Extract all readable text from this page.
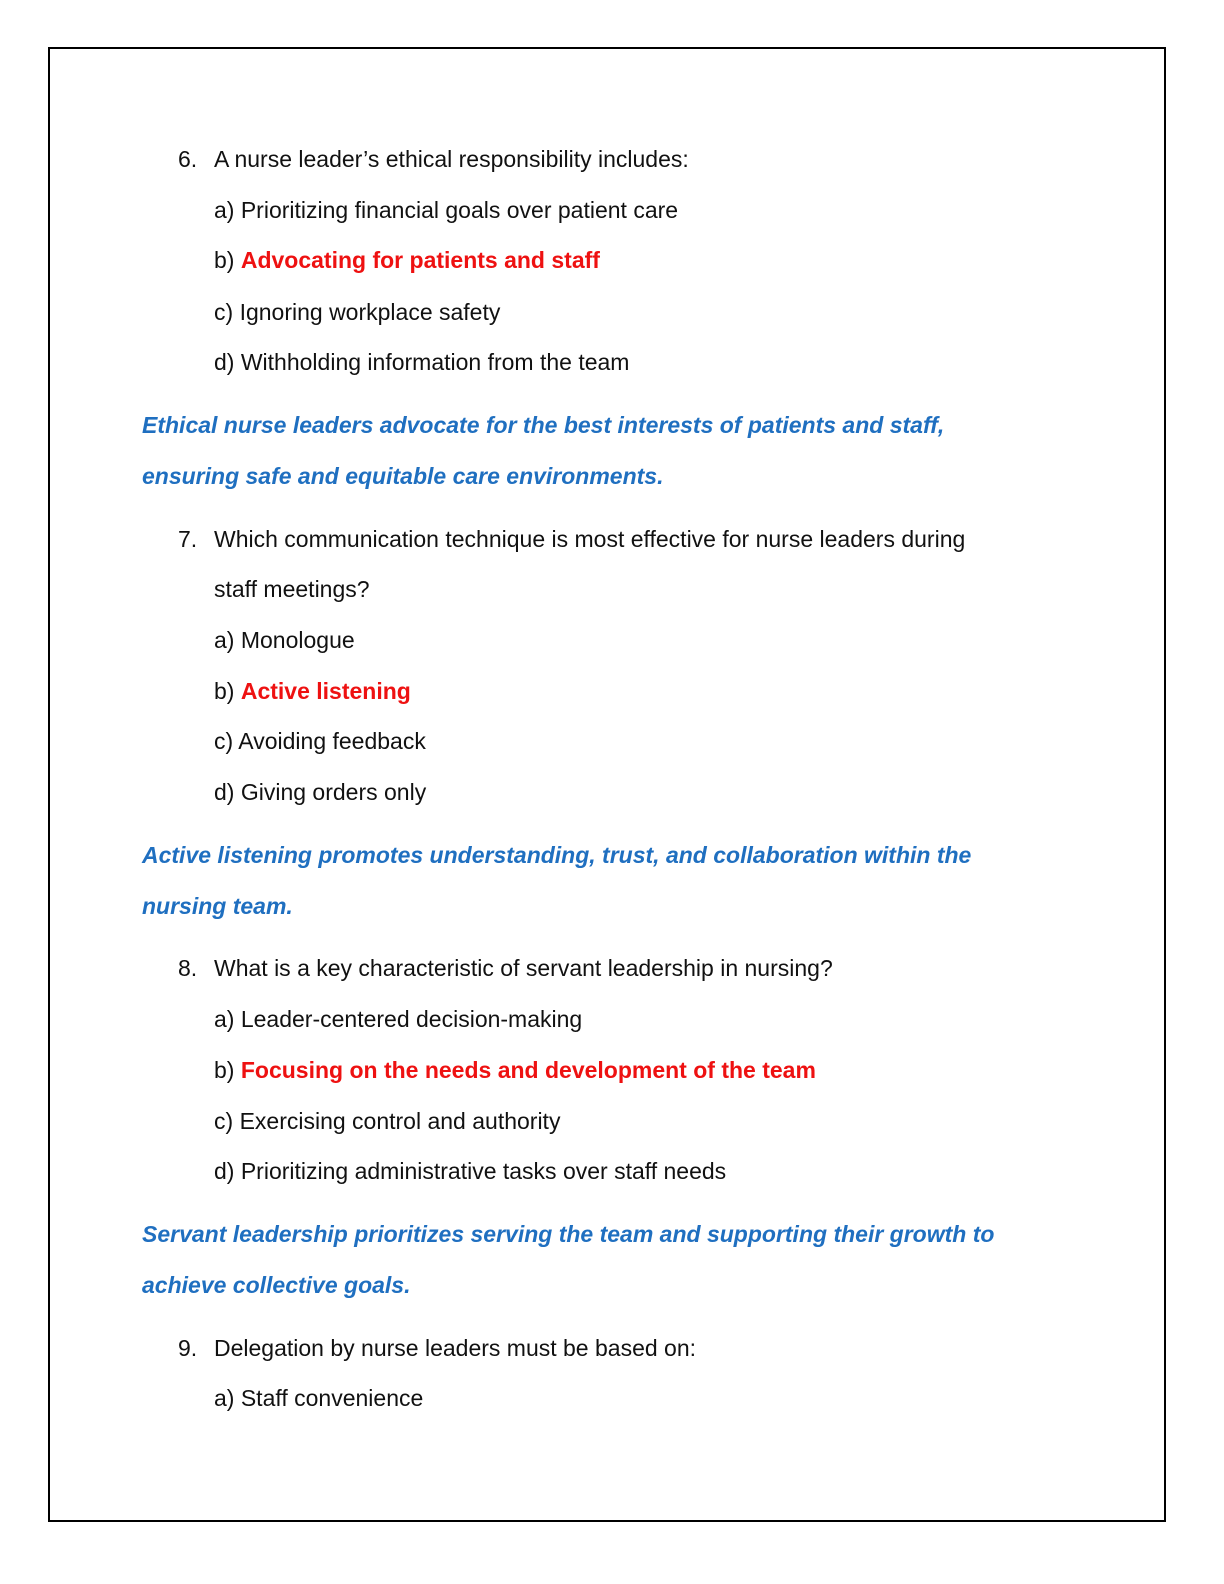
6. A nurse leader’s ethical responsibility includes:
a) Prioritizing financial goals over patient care
b) Advocating for patients and staff
c) Ignoring workplace safety
d) Withholding information from the team
Ethical nurse leaders advocate for the best interests of patients and staff,
ensuring safe and equitable care environments.
7. Which communication technique is most effective for nurse leaders during
staff meetings?
a) Monologue
b) Active listening
c) Avoiding feedback
d) Giving orders only
Active listening promotes understanding, trust, and collaboration within the
nursing team.
8. What is a key characteristic of servant leadership in nursing?
a) Leader-centered decision-making
b) Focusing on the needs and development of the team
c) Exercising control and authority
d) Prioritizing administrative tasks over staff needs
Servant leadership prioritizes serving the team and supporting their growth to
achieve collective goals.
9. Delegation by nurse leaders must be based on:
a) Staff convenience
